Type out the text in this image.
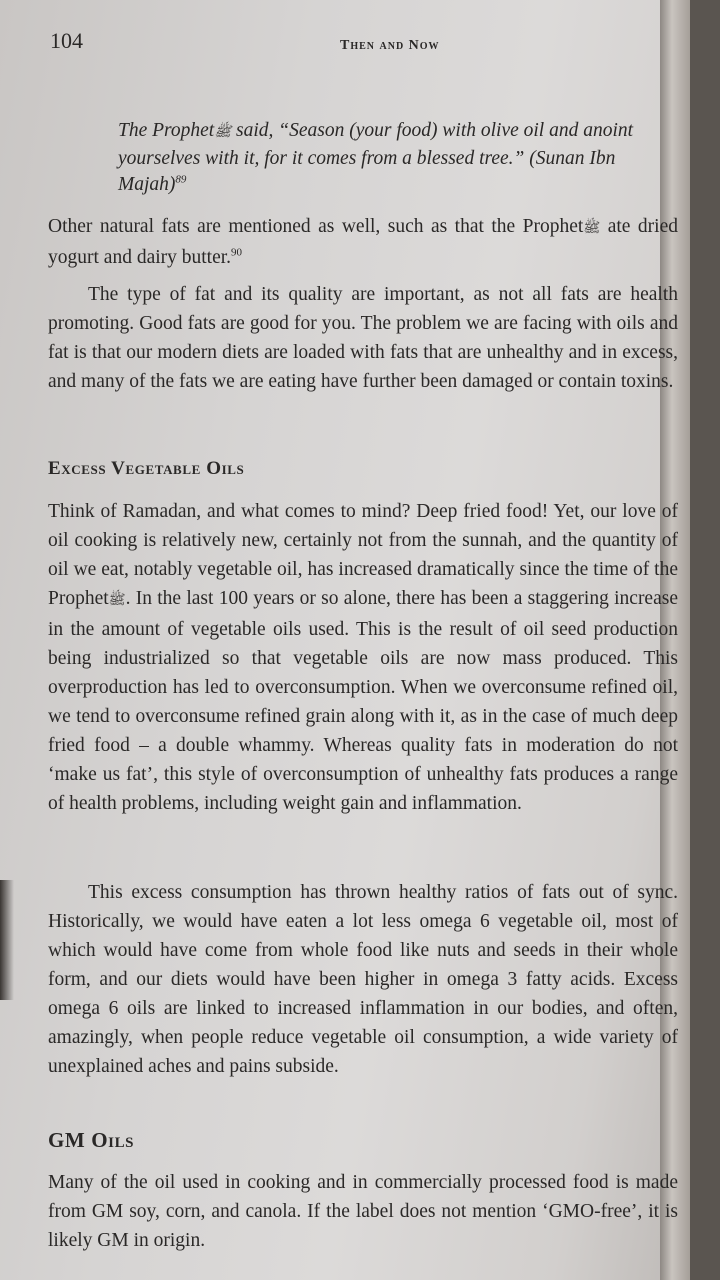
104	Then and Now
The Prophetﷺ said, “Season (your food) with olive oil and anoint yourselves with it, for it comes from a blessed tree.” (Sunan Ibn Majah)$^{89}$
Other natural fats are mentioned as well, such as that the Prophetﷺ ate dried yogurt and dairy butter.$^{90}$
The type of fat and its quality are important, as not all fats are health promoting. Good fats are good for you. The problem we are facing with oils and fat is that our modern diets are loaded with fats that are unhealthy and in excess, and many of the fats we are eating have further been damaged or contain toxins.
Excess Vegetable Oils
Think of Ramadan, and what comes to mind? Deep fried food! Yet, our love of oil cooking is relatively new, certainly not from the sunnah, and the quantity of oil we eat, notably vegetable oil, has increased dramatically since the time of the Prophetﷺ. In the last 100 years or so alone, there has been a staggering increase in the amount of vegetable oils used. This is the result of oil seed production being industrialized so that vegetable oils are now mass produced. This overproduction has led to overconsumption. When we overconsume refined oil, we tend to overconsume refined grain along with it, as in the case of much deep fried food – a double whammy. Whereas quality fats in moderation do not ‘make us fat’, this style of overconsumption of unhealthy fats produces a range of health problems, including weight gain and inflammation.
This excess consumption has thrown healthy ratios of fats out of sync. Historically, we would have eaten a lot less omega 6 vegetable oil, most of which would have come from whole food like nuts and seeds in their whole form, and our diets would have been higher in omega 3 fatty acids. Excess omega 6 oils are linked to increased inflammation in our bodies, and often, amazingly, when people reduce vegetable oil consumption, a wide variety of unexplained aches and pains subside.
GM Oils
Many of the oil used in cooking and in commercially processed food is made from GM soy, corn, and canola. If the label does not mention ‘GMO-free’, it is likely GM in origin.
